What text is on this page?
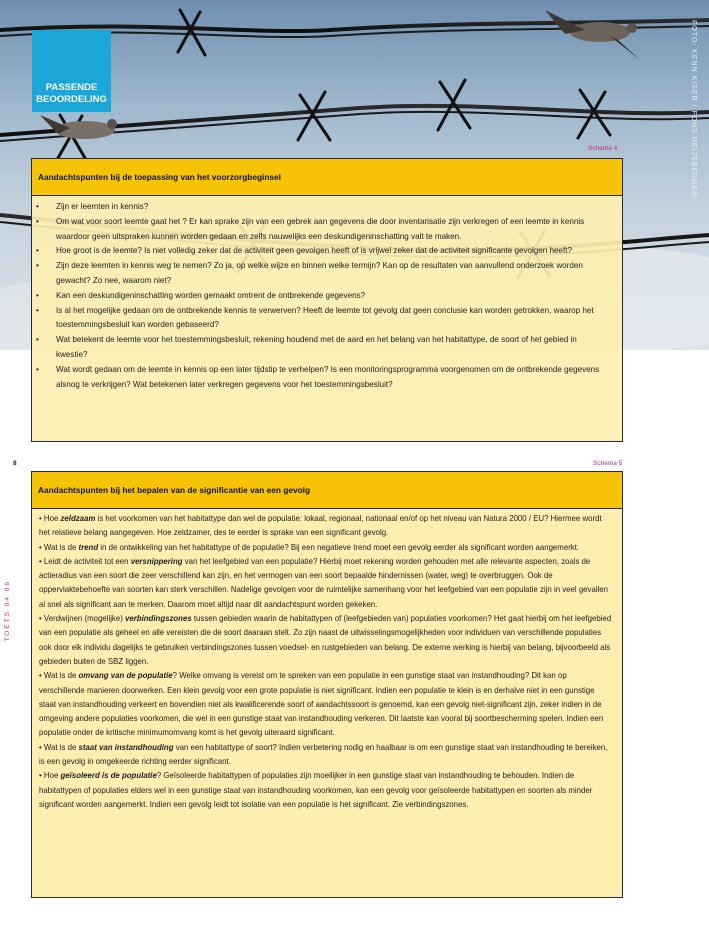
FOTO: KENN KISER / FONS REIJSBERGEN
PASSENDE
BEOORDELING
Schema 4
Aandachtspunten bij de toepassing van het voorzorgbeginsel
• Zijn er leemten in kennis?
• Om wat voor soort leemte gaat het ? Er kan sprake zijn van een gebrek aan gegevens die door inventarisatie zijn verkregen of een leemte in kennis waardoor geen uitspraken kunnen worden gedaan en zelfs nauwelijks een deskundigeninschatting valt te maken.
• Hoe groot is de leemte? Is niet volledig zeker dat de activiteit geen gevolgen heeft of is vrijwel zeker dat de activiteit significante gevolgen heeft?
• Zijn deze leemten in kennis weg te nemen? Zo ja, op welke wijze en binnen welke termijn? Kan op de resultaten van aanvullend onderzoek worden gewacht? Zo nee, waarom niet?
• Kan een deskundigeninschatting worden gemaakt omtrent de ontbrekende gegevens?
• Is al het mogelijke gedaan om de ontbrekende kennis te verwerven? Heeft de leemte tot gevolg dat geen conclusie kan worden getrokken, waarop het toestemmingsbesluit kan worden gebaseerd?
• Wat betekent de leemte voor het toestemmingsbesluit, rekening houdend met de aard en het belang van het habitattype, de soort of het gebied in kwestie?
• Wat wordt gedaan om de leemte in kennis op een later tijdstip te verhelpen? Is een monitoringsprogramma voorgenomen om de ontbrekende gegevens alsnog te verkrijgen? Wat betekenen later verkregen gegevens voor het toestemmingsbesluit?
8
TOETS 04 06
Schema 5
Aandachtspunten bij het bepalen van de significantie van een gevolg
• Hoe zeldzaam is het voorkomen van het habitattype dan wel de populatie: lokaal, regionaal, nationaal en/of op het niveau van Natura 2000 / EU? Hiermee wordt het relatieve belang aangegeven. Hoe zeldzamer, des te eerder is sprake van een significant gevolg.
• Wat is de trend in de ontwikkeling van het habitattype of de populatie? Bij een negatieve trend moet een gevolg eerder als significant worden aangemerkt.
• Leidt de activiteit tot een versnippering van het leefgebied van een populatie? Hierbij moet rekening worden gehouden met alle relevante aspecten, zoals de actieradius van een soort die zeer verschillend kan zijn, en het vermogen van een soort bepaalde hindernissen (water, weg) te overbruggen. Ook de oppervlaktebehoefte van soorten kan sterk verschillen. Nadelige gevolgen voor de ruimtelijke samenhang voor het leefgebied van een populatie zijn in veel gevallen al snel als significant aan te merken. Daarom moet altijd naar dit aandachtspunt worden gekeken.
• Verdwijnen (mogelijke) verbindingszones tussen gebieden waarin de habitattypen of (leefgebieden van) populaties voorkomen? Het gaat hierbij om het leefgebied van een populatie als geheel en alle vereisten die de soort daaraan stelt. Zo zijn naast de uitwisselingsmogelijkheden voor individuen van verschillende populaties ook door elk individu dagelijks te gebruiken verbindingszones tussen voedsel- en rustgebieden van belang. De externe werking is hierbij van belang, bijvoorbeeld als gebieden buiten de SBZ liggen.
• Wat is de omvang van de populatie? Welke omvang is vereist om te spreken van een populatie in een gunstige staat van instandhouding? Dit kan op verschillende manieren doorwerken. Een klein gevolg voor een grote populatie is niet significant. Indien een populatie te klein is en derhalve niet in een gunstige staat van instandhouding verkeert en bovendien niet als kwalificerende soort of aandachtssoort is genoemd, kan een gevolg niet-significant zijn, zeker indien in de omgeving andere populaties voorkomen, die wel in een gunstige staat van instandhouding verkeren. Dit laatste kan vooral bij soortbescherming spelen. Indien een populatie onder de kritische minimumomvang komt is het gevolg uiteraard significant.
• Wat is de staat van instandhouding van een habitattype of soort? Indien verbetering nodig en haalbaar is om een gunstige staat van instandhouding te bereiken, is een gevolg in omgekeerde richting eerder significant.
• Hoe geïsoleerd is de populatie? Geïsoleerde habitattypen of populaties zijn moeilijker in een gunstige staat van instandhouding te behouden. Indien de habitattypen of populaties elders wel in een gunstige staat van instandhouding voorkomen, kan een gevolg voor geïsoleerde habitattypen en soorten als minder significant worden aangemerkt. Indien een gevolg leidt tot isolatie van een populatie is het significant. Zie verbindingszones.
